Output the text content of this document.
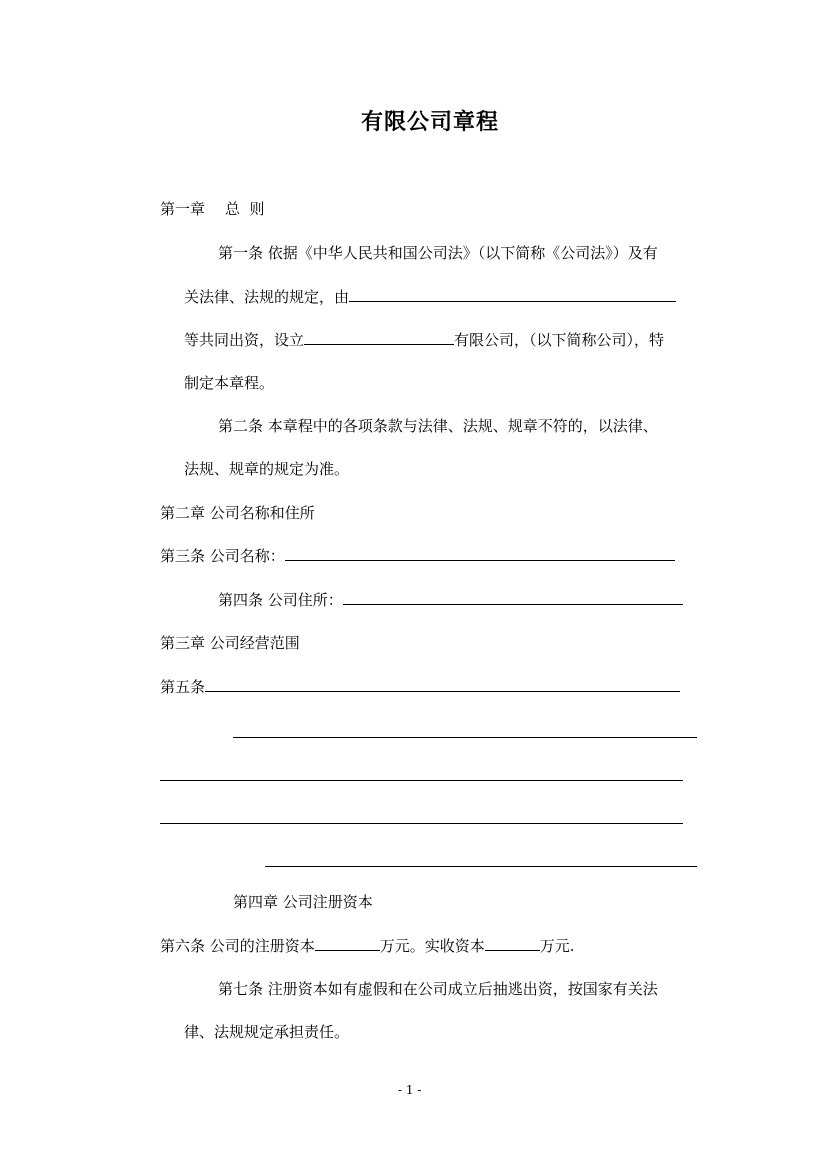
有限公司章程
第一章 总  则
第一条 依据《中华人民共和国公司法》（以下简称《公司法》）及有
关法律、法规的规定，由
等共同出资，设立	有限公司，（以下简称公司），特
制定本章程。
第二条 本章程中的各项条款与法律、法规、规章不符的，以法律、
法规、规章的规定为准。
第二章 公司名称和住所
第三条 公司名称：
第四条 公司住所：
第三章 公司经营范围
第五条
第四章 公司注册资本
第六条 公司的注册资本	万元。实收资本	万元.
第七条 注册资本如有虚假和在公司成立后抽逃出资，按国家有关法
律、法规规定承担责任。
- 1 -
